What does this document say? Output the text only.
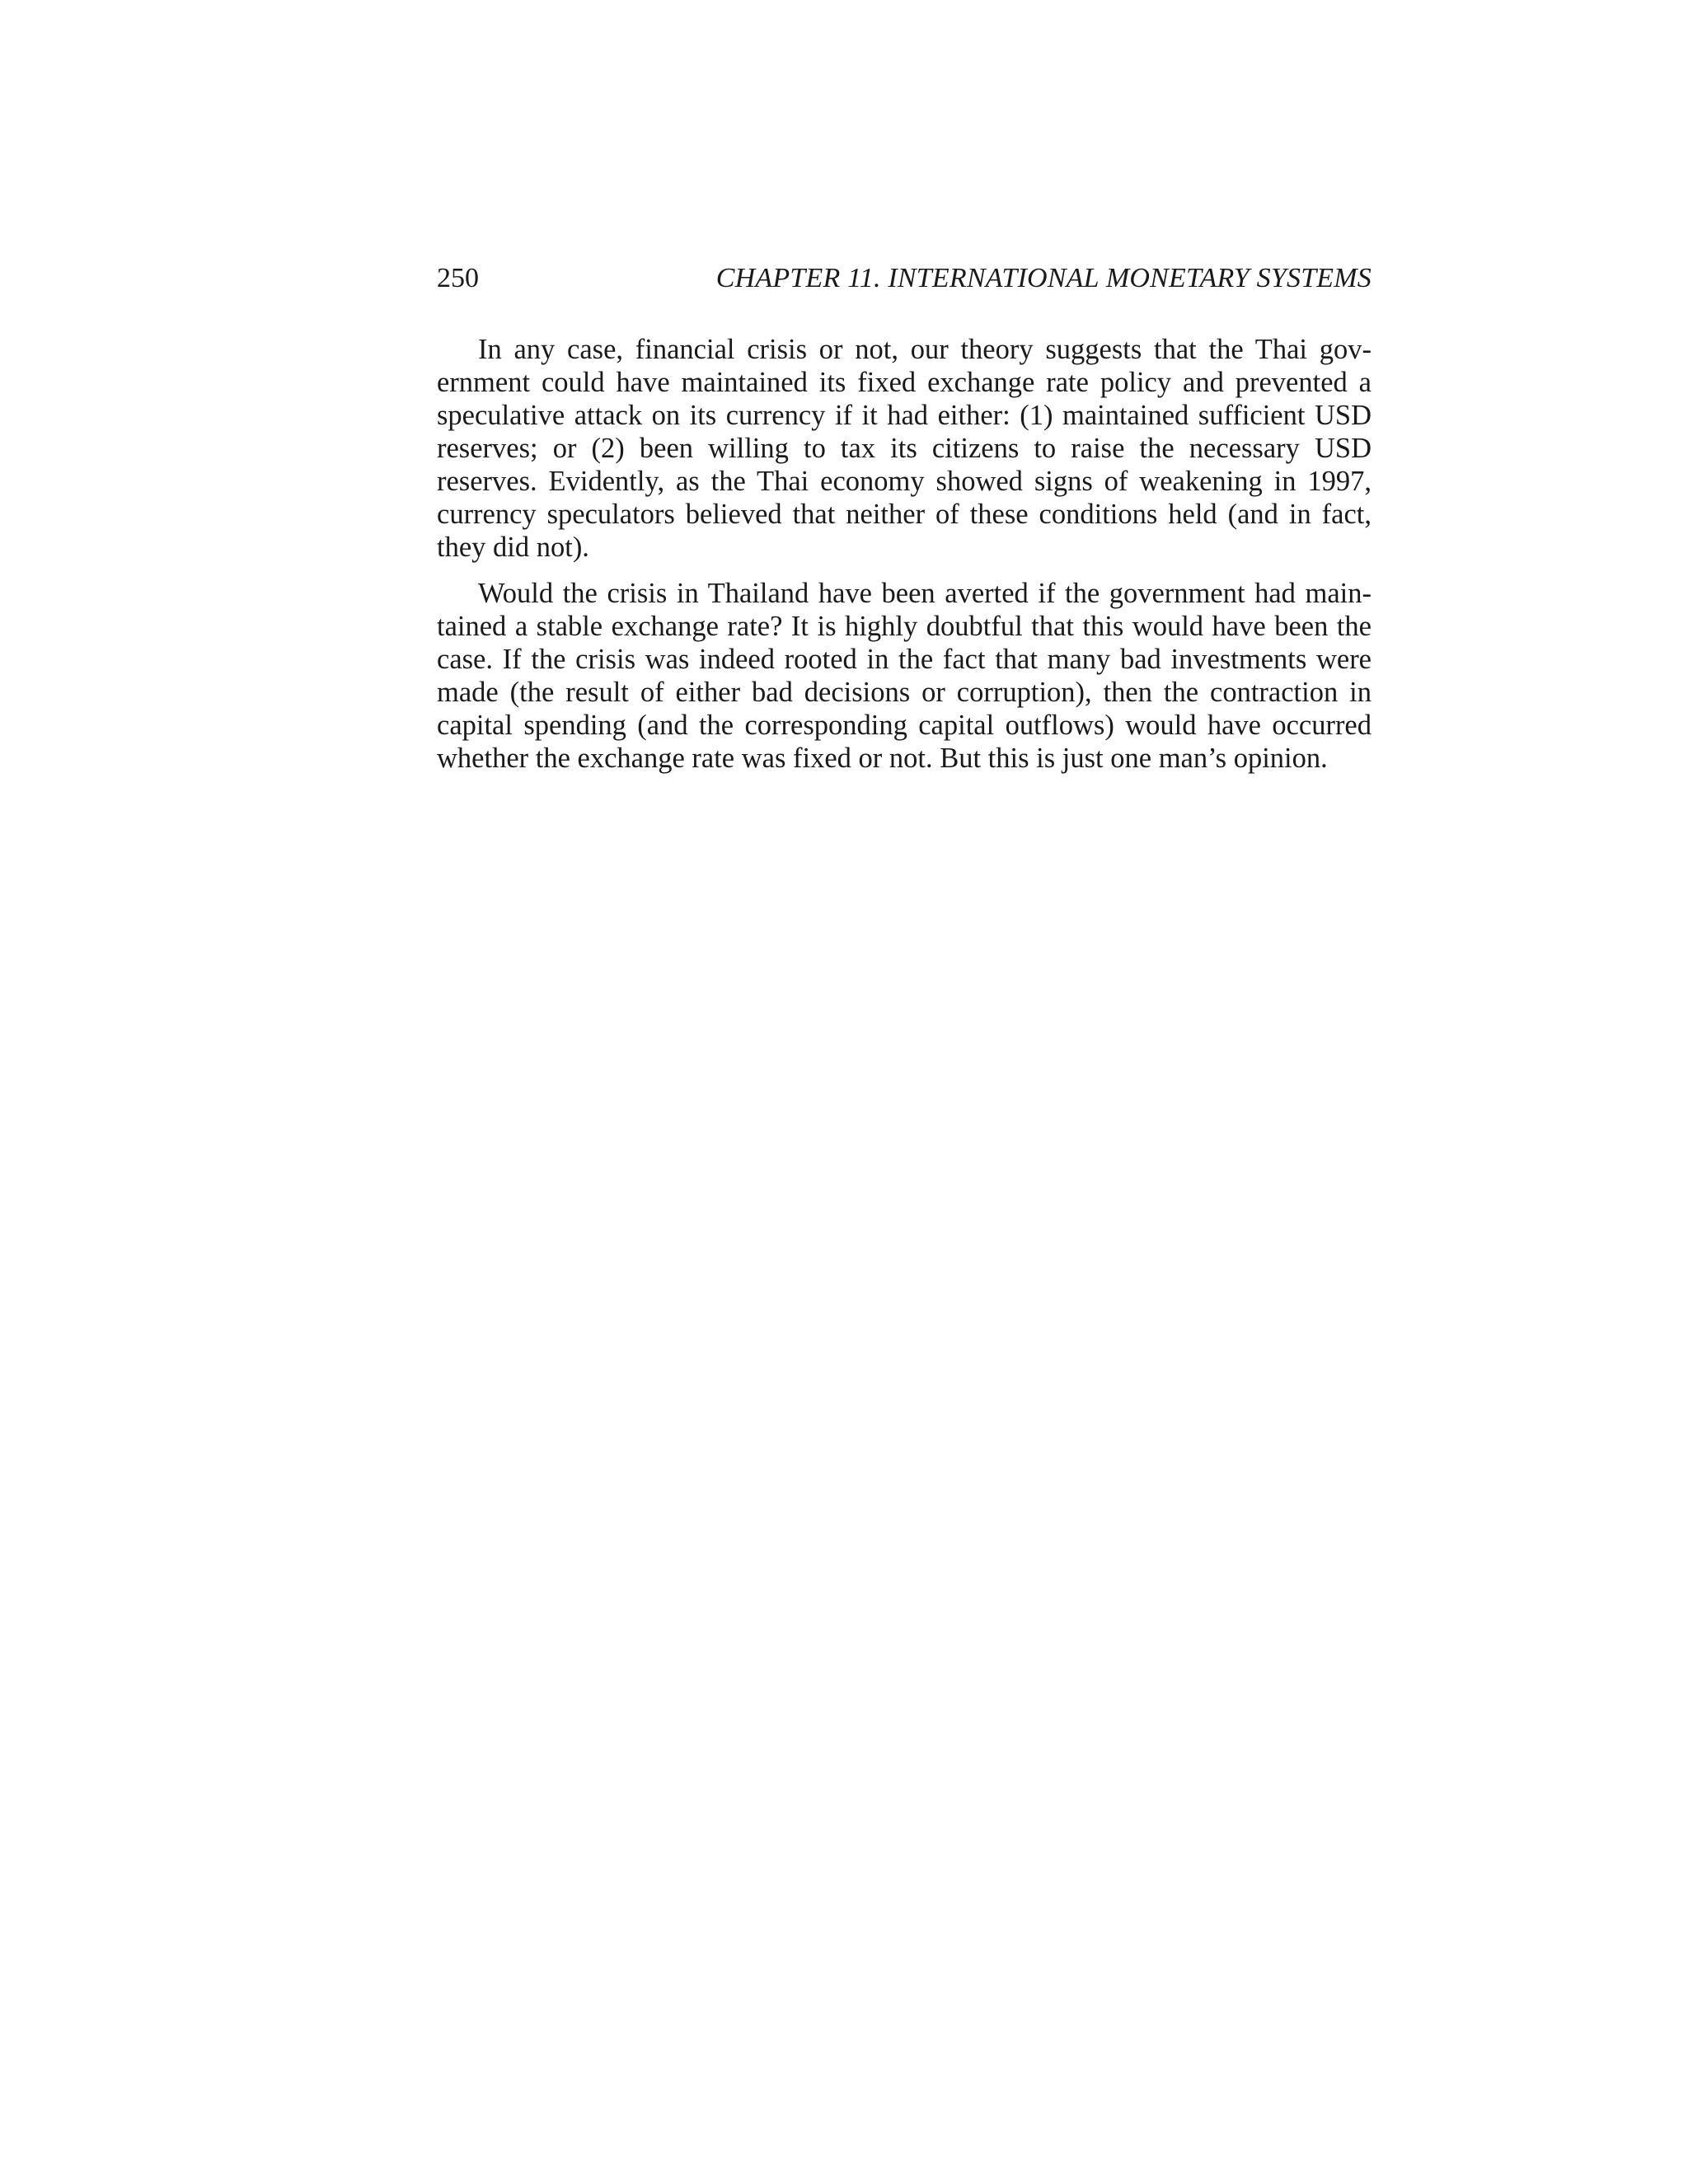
250	CHAPTER 11. INTERNATIONAL MONETARY SYSTEMS

In any case, financial crisis or not, our theory suggests that the Thai government could have maintained its fixed exchange rate policy and prevented a speculative attack on its currency if it had either: (1) maintained sufficient USD reserves; or (2) been willing to tax its citizens to raise the necessary USD reserves. Evidently, as the Thai economy showed signs of weakening in 1997, currency speculators believed that neither of these conditions held (and in fact, they did not).

Would the crisis in Thailand have been averted if the government had maintained a stable exchange rate? It is highly doubtful that this would have been the case. If the crisis was indeed rooted in the fact that many bad investments were made (the result of either bad decisions or corruption), then the contraction in capital spending (and the corresponding capital outflows) would have occurred whether the exchange rate was fixed or not. But this is just one man’s opinion.
